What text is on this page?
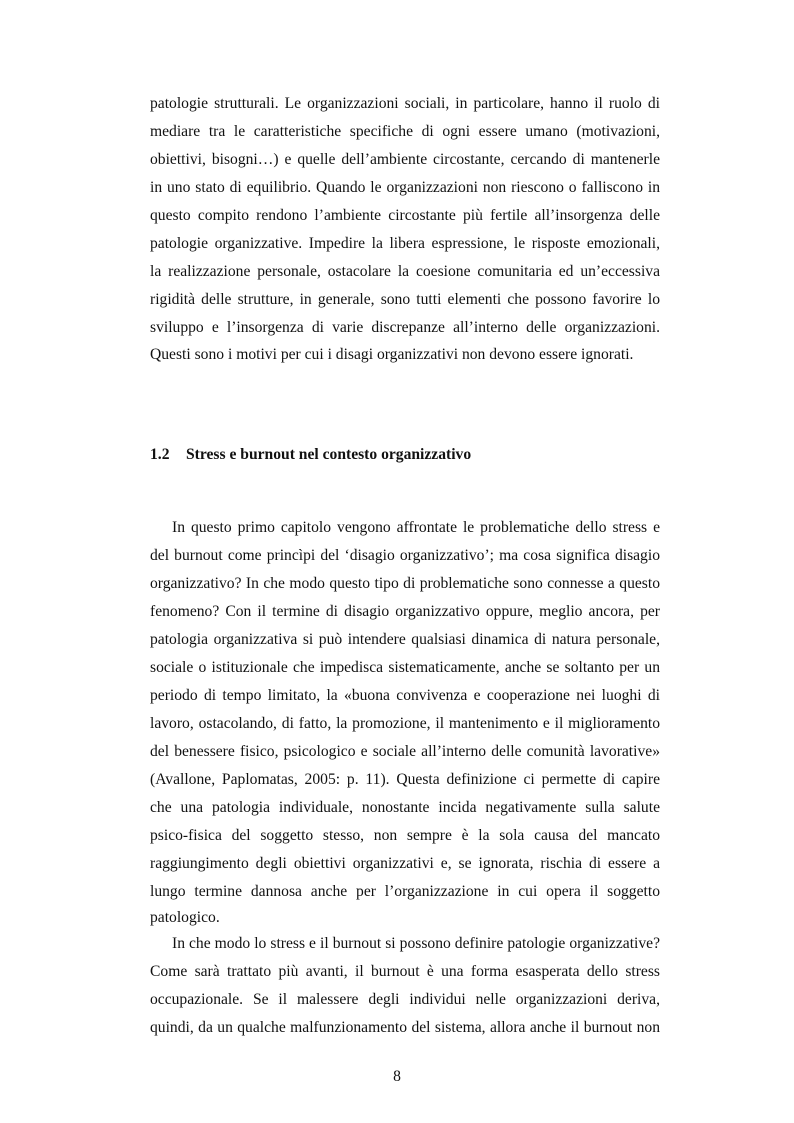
patologie strutturali. Le organizzazioni sociali, in particolare, hanno il ruolo di
mediare tra le caratteristiche specifiche di ogni essere umano (motivazioni,
obiettivi, bisogni…) e quelle dell’ambiente circostante, cercando di mantenerle
in uno stato di equilibrio. Quando le organizzazioni non riescono o falliscono in
questo compito rendono l’ambiente circostante più fertile all’insorgenza delle
patologie organizzative. Impedire la libera espressione, le risposte emozionali,
la realizzazione personale, ostacolare la coesione comunitaria ed un’eccessiva
rigidità delle strutture, in generale, sono tutti elementi che possono favorire lo
sviluppo e l’insorgenza di varie discrepanze all’interno delle organizzazioni.
Questi sono i motivi per cui i disagi organizzativi non devono essere ignorati.
1.2 Stress e burnout nel contesto organizzativo
In questo primo capitolo vengono affrontate le problematiche dello stress e
del burnout come princìpi del ‘disagio organizzativo’; ma cosa significa disagio
organizzativo? In che modo questo tipo di problematiche sono connesse a questo
fenomeno? Con il termine di disagio organizzativo oppure, meglio ancora, per
patologia organizzativa si può intendere qualsiasi dinamica di natura personale,
sociale o istituzionale che impedisca sistematicamente, anche se soltanto per un
periodo di tempo limitato, la «buona convivenza e cooperazione nei luoghi di
lavoro, ostacolando, di fatto, la promozione, il mantenimento e il miglioramento
del benessere fisico, psicologico e sociale all’interno delle comunità lavorative»
(Avallone, Paplomatas, 2005: p. 11). Questa definizione ci permette di capire
che una patologia individuale, nonostante incida negativamente sulla salute
psico-fisica del soggetto stesso, non sempre è la sola causa del mancato
raggiungimento degli obiettivi organizzativi e, se ignorata, rischia di essere a
lungo termine dannosa anche per l’organizzazione in cui opera il soggetto
patologico.
In che modo lo stress e il burnout si possono definire patologie organizzative?
Come sarà trattato più avanti, il burnout è una forma esasperata dello stress
occupazionale. Se il malessere degli individui nelle organizzazioni deriva,
quindi, da un qualche malfunzionamento del sistema, allora anche il burnout non
8
